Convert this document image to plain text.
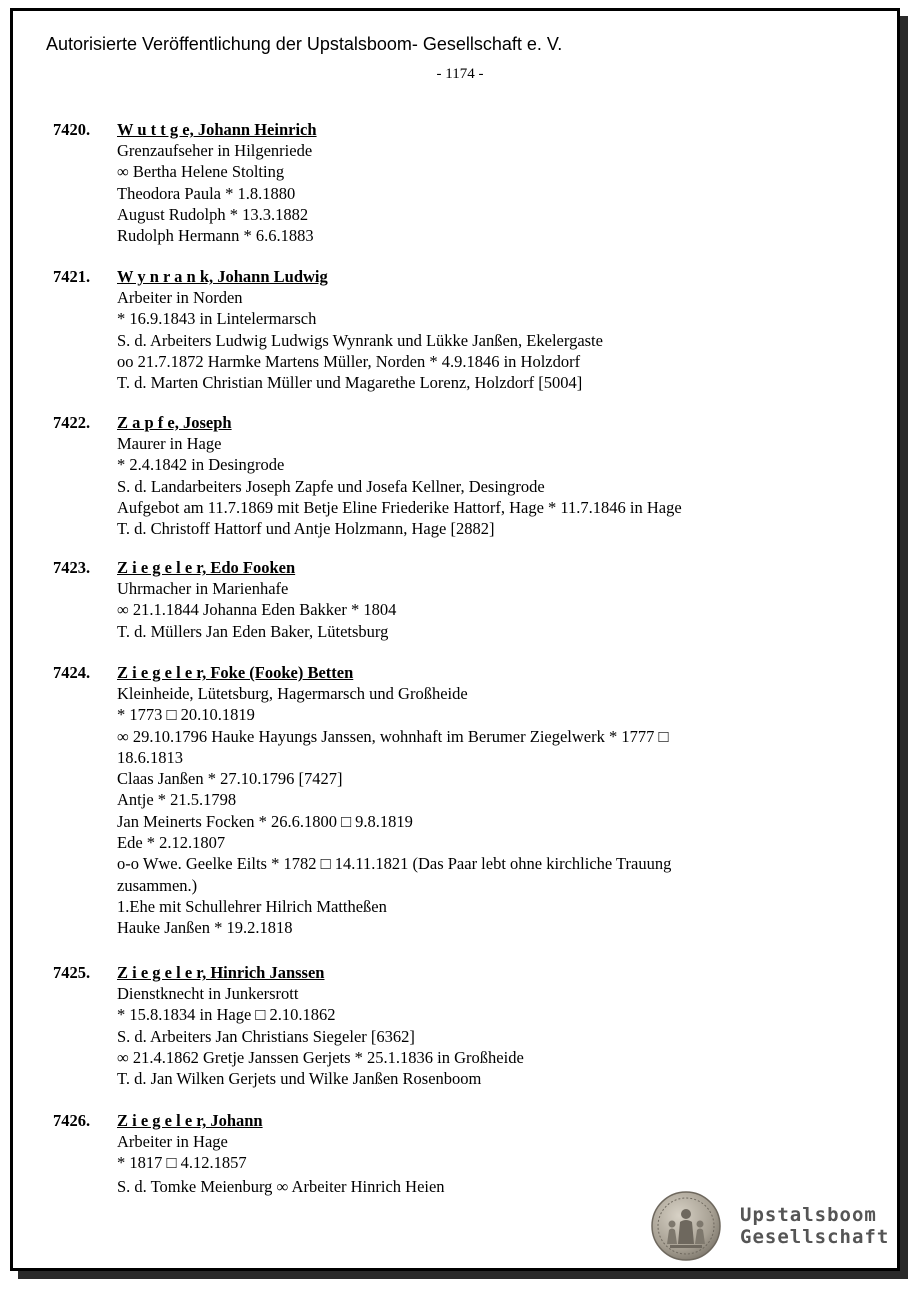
Autorisierte Veröffentlichung der Upstalsboom- Gesellschaft e. V.
- 1174 -
7420. W u t t g e, Johann Heinrich
Grenzaufseher in Hilgenriede
∞ Bertha Helene Stolting
Theodora Paula * 1.8.1880
August Rudolph * 13.3.1882
Rudolph Hermann * 6.6.1883
7421. W y n r a n k, Johann Ludwig
Arbeiter in Norden
* 16.9.1843 in Lintelermarsch
S. d. Arbeiters Ludwig Ludwigs Wynrank und Lükke Janßen, Ekelergaste
oo 21.7.1872 Harmke Martens Müller, Norden * 4.9.1846 in Holzdorf
T. d. Marten Christian Müller und Magarethe Lorenz, Holzdorf [5004]
7422. Z a p f e, Joseph
Maurer in Hage
* 2.4.1842 in Desingrode
S. d. Landarbeiters Joseph Zapfe und Josefa Kellner, Desingrode
Aufgebot am 11.7.1869 mit Betje Eline Friederike Hattorf, Hage * 11.7.1846 in Hage
T. d. Christoff Hattorf und Antje Holzmann, Hage [2882]
7423. Z i e g e l e r, Edo Fooken
Uhrmacher in Marienhafe
∞ 21.1.1844 Johanna Eden Bakker * 1804
T. d. Müllers Jan Eden Baker, Lütetsburg
7424. Z i e g e l e r, Foke (Fooke) Betten
Kleinheide, Lütetsburg, Hagermarsch und Großheide
* 1773 □ 20.10.1819
∞ 29.10.1796 Hauke Hayungs Janssen, wohnhaft im Berumer Ziegelwerk * 1777 □
18.6.1813
Claas Janßen * 27.10.1796 [7427]
Antje * 21.5.1798
Jan Meinerts Focken * 26.6.1800 □ 9.8.1819
Ede * 2.12.1807
o-o Wwe. Geelke Eilts * 1782 □ 14.11.1821 (Das Paar lebt ohne kirchliche Trauung
zusammen.)
1.Ehe mit Schullehrer Hilrich Mattheßen
Hauke Janßen * 19.2.1818
7425. Z i e g e l e r, Hinrich Janssen
Dienstknecht in Junkersrott
* 15.8.1834 in Hage □ 2.10.1862
S. d. Arbeiters Jan Christians Siegeler [6362]
∞ 21.4.1862 Gretje Janssen Gerjets * 25.1.1836 in Großheide
T. d. Jan Wilken Gerjets und Wilke Janßen Rosenboom
7426. Z i e g e l e r, Johann
Arbeiter in Hage
* 1817 □ 4.12.1857
S. d. Tomke Meienburg ∞ Arbeiter Hinrich Heien
Upstalsboom
Gesellschaft
